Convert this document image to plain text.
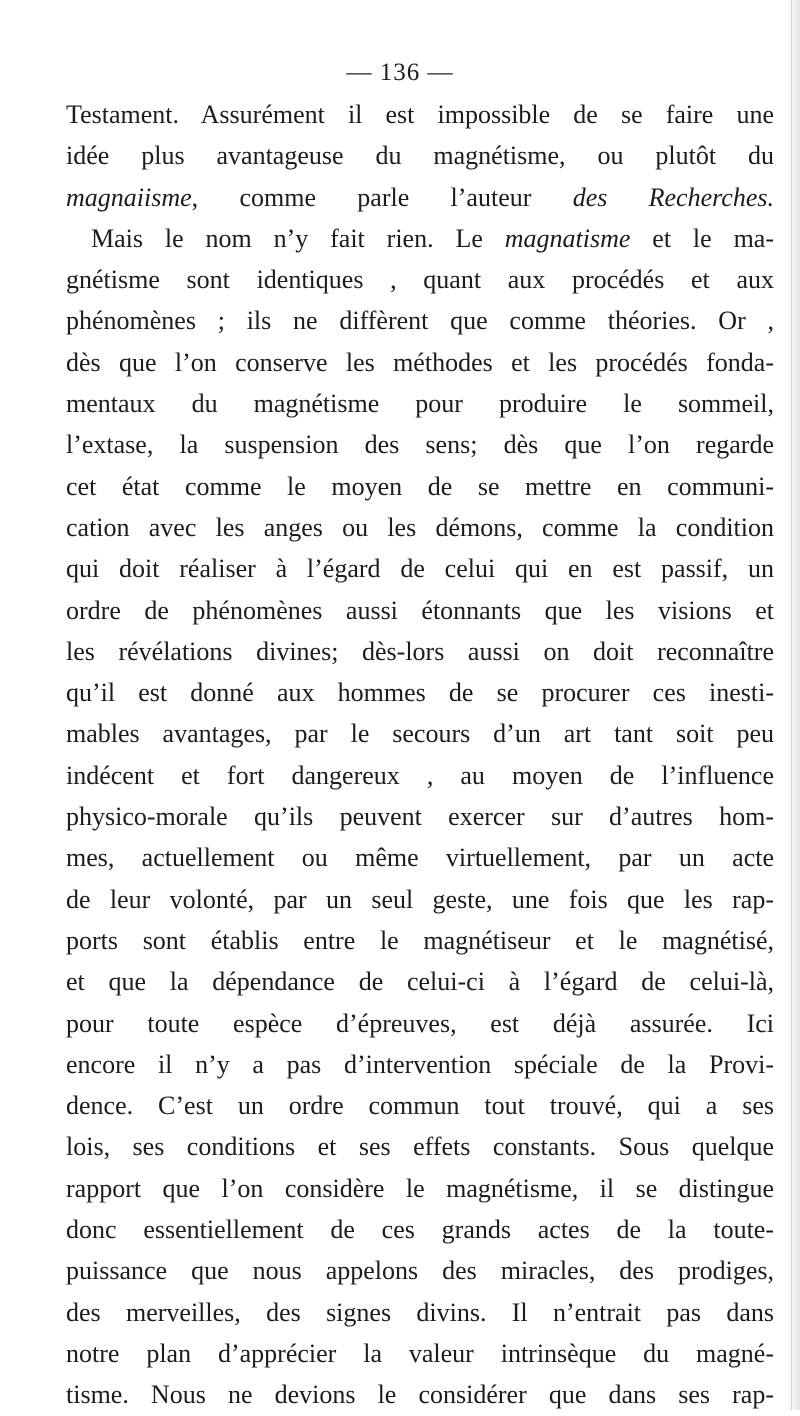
— 136 —
Testament. Assurément il est impossible de se faire une
idée plus avantageuse du magnétisme, ou plutôt du
magnaiisme, comme parle l’auteur des Recherches.
Mais le nom n’y fait rien. Le magnatisme et le ma-
gnétisme sont identiques , quant aux procédés et aux
phénomènes ; ils ne diffèrent que comme théories. Or ,
dès que l’on conserve les méthodes et les procédés fonda-
mentaux du magnétisme pour produire le sommeil,
l’extase, la suspension des sens; dès que l’on regarde
cet état comme le moyen de se mettre en communi-
cation avec les anges ou les démons, comme la condition
qui doit réaliser à l’égard de celui qui en est passif, un
ordre de phénomènes aussi étonnants que les visions et
les révélations divines; dès-lors aussi on doit reconnaître
qu’il est donné aux hommes de se procurer ces inesti-
mables avantages, par le secours d’un art tant soit peu
indécent et fort dangereux , au moyen de l’influence
physico-morale qu’ils peuvent exercer sur d’autres hom-
mes, actuellement ou même virtuellement, par un acte
de leur volonté, par un seul geste, une fois que les rap-
ports sont établis entre le magnétiseur et le magnétisé,
et que la dépendance de celui-ci à l’égard de celui-là,
pour toute espèce d’épreuves, est déjà assurée. Ici
encore il n’y a pas d’intervention spéciale de la Provi-
dence. C’est un ordre commun tout trouvé, qui a ses
lois, ses conditions et ses effets constants. Sous quelque
rapport que l’on considère le magnétisme, il se distingue
donc essentiellement de ces grands actes de la toute-
puissance que nous appelons des miracles, des prodiges,
des merveilles, des signes divins. Il n’entrait pas dans
notre plan d’apprécier la valeur intrinsèque du magné-
tisme. Nous ne devions le considérer que dans ses rap-
